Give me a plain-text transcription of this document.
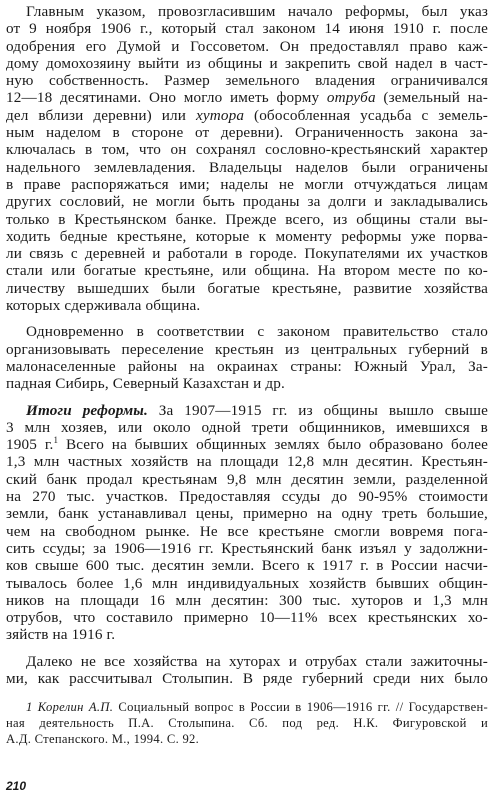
Главным указом, провозгласившим начало реформы, был указ
от 9 ноября 1906 г., который стал законом 14 июня 1910 г. после
одобрения его Думой и Госсоветом. Он предоставлял право каж-
дому домохозяину выйти из общины и закрепить свой надел в част-
ную собственность. Размер земельного владения ограничивался
12—18 десятинами. Оно могло иметь форму отруба (земельный на-
дел вблизи деревни) или хутора (обособленная усадьба с земель-
ным наделом в стороне от деревни). Ограниченность закона за-
ключалась в том, что он сохранял сословно-крестьянский характер
надельного землевладения. Владельцы наделов были ограничены
в праве распоряжаться ими; наделы не могли отчуждаться лицам
других сословий, не могли быть проданы за долги и закладывались
только в Крестьянском банке. Прежде всего, из общины стали вы-
ходить бедные крестьяне, которые к моменту реформы уже порва-
ли связь с деревней и работали в городе. Покупателями их участков
стали или богатые крестьяне, или община. На втором месте по ко-
личеству вышедших были богатые крестьяне, развитие хозяйства
которых сдерживала община.
Одновременно в соответствии с законом правительство стало
организовывать переселение крестьян из центральных губерний в
малонаселенные районы на окраинах страны: Южный Урал, За-
падная Сибирь, Северный Казахстан и др.
Итоги реформы. За 1907—1915 гг. из общины вышло свыше
3 млн хозяев, или около одной трети общинников, имевшихся в
1905 г.$^1$ Всего на бывших общинных землях было образовано более
1,3 млн частных хозяйств на площади 12,8 млн десятин. Крестьян-
ский банк продал крестьянам 9,8 млн десятин земли, разделенной
на 270 тыс. участков. Предоставляя ссуды до 90-95% стоимости
земли, банк устанавливал цены, примерно на одну треть большие,
чем на свободном рынке. Не все крестьяне смогли вовремя пога-
сить ссуды; за 1906—1916 гг. Крестьянский банк изъял у задолжни-
ков свыше 600 тыс. десятин земли. Всего к 1917 г. в России насчи-
тывалось более 1,6 млн индивидуальных хозяйств бывших общин-
ников на площади 16 млн десятин: 300 тыс. хуторов и 1,3 млн
отрубов, что составило примерно 10—11% всех крестьянских хо-
зяйств на 1916 г.
Далеко не все хозяйства на хуторах и отрубах стали зажиточны-
ми, как рассчитывал Столыпин. В ряде губерний среди них было
1 Корелин А.П. Социальный вопрос в России в 1906—1916 гг. // Государствен-
ная деятельность П.А. Столыпина. Сб. под ред. Н.К. Фигуровской и
А.Д. Степанского. М., 1994. С. 92.
210
